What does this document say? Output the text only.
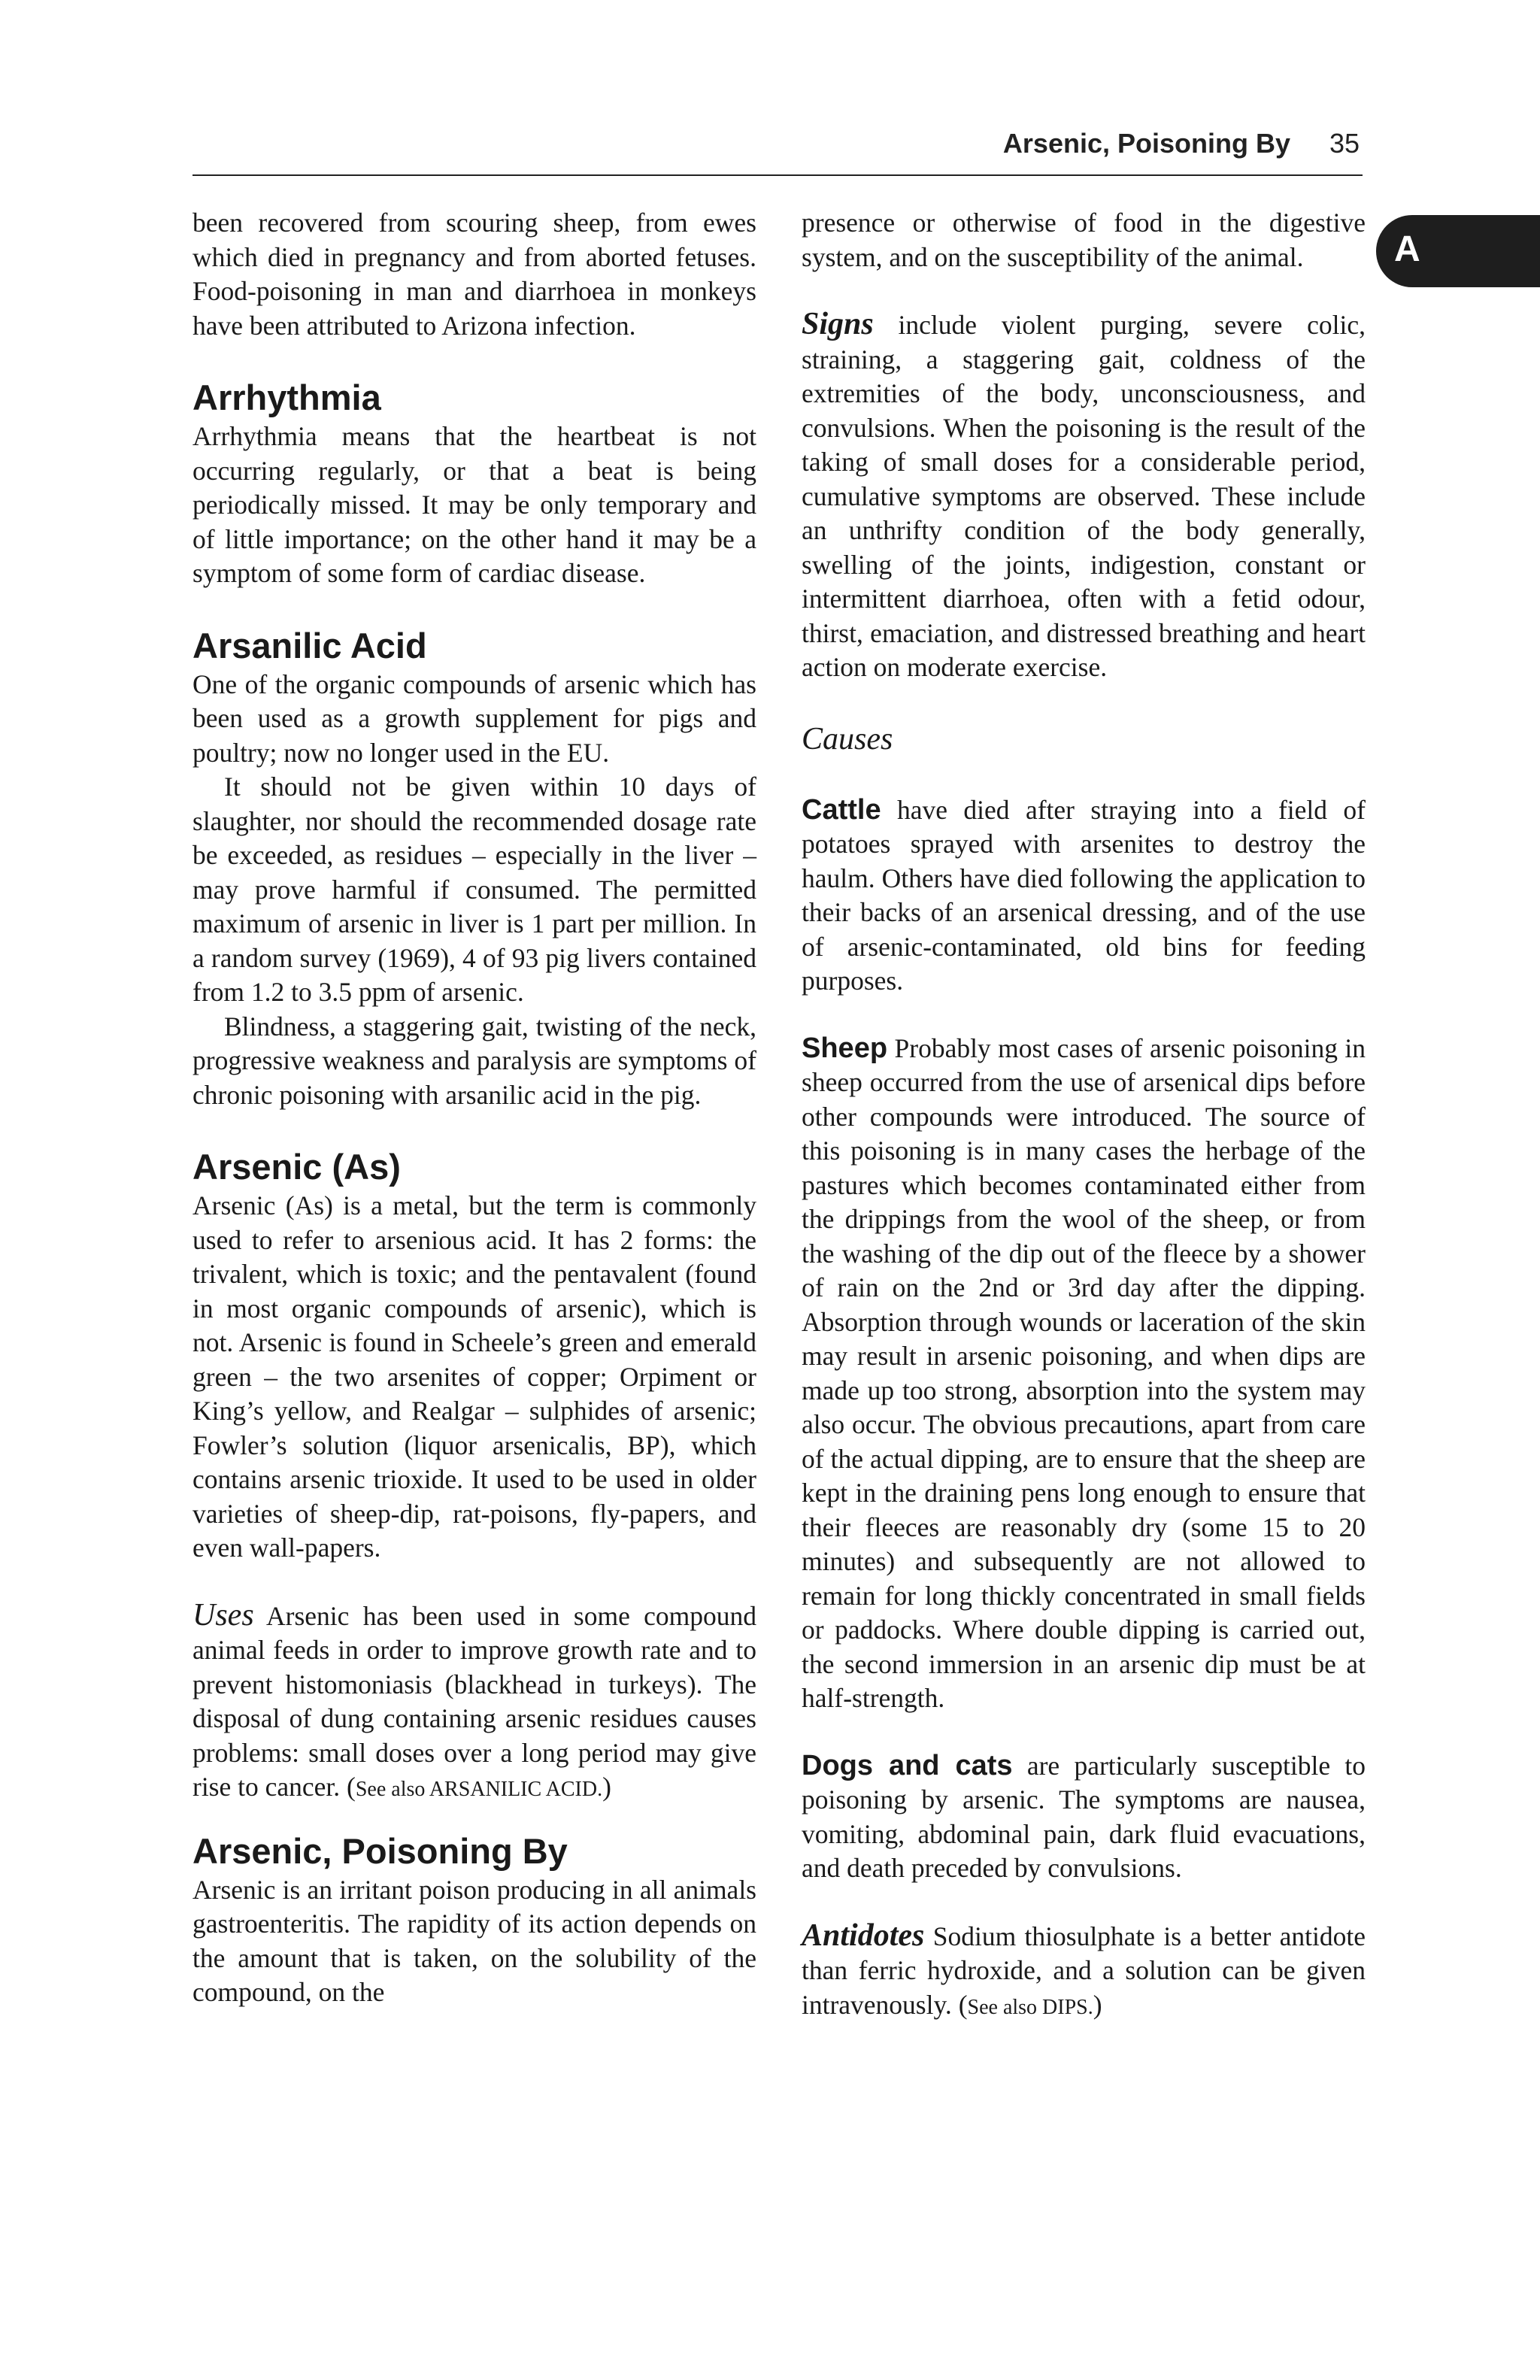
Arsenic, Poisoning By 35
A

been recovered from scouring sheep, from ewes which died in pregnancy and from aborted fetuses. Food-poisoning in man and diarrhoea in monkeys have been attributed to Arizona infection.

Arrhythmia

Arrhythmia means that the heartbeat is not occurring regularly, or that a beat is being periodically missed. It may be only temporary and of little importance; on the other hand it may be a symptom of some form of cardiac disease.

Arsanilic Acid

One of the organic compounds of arsenic which has been used as a growth supplement for pigs and poultry; now no longer used in the EU.

It should not be given within 10 days of slaughter, nor should the recommended dosage rate be exceeded, as residues – especially in the liver – may prove harmful if consumed. The permitted maximum of arsenic in liver is 1 part per million. In a random survey (1969), 4 of 93 pig livers contained from 1.2 to 3.5 ppm of arsenic.

Blindness, a staggering gait, twisting of the neck, progressive weakness and paralysis are symptoms of chronic poisoning with arsanilic acid in the pig.

Arsenic (As)

Arsenic (As) is a metal, but the term is commonly used to refer to arsenious acid. It has 2 forms: the trivalent, which is toxic; and the pentavalent (found in most organic compounds of arsenic), which is not. Arsenic is found in Scheele’s green and emerald green – the two arsenites of copper; Orpiment or King’s yellow, and Realgar – sulphides of arsenic; Fowler’s solution (liquor arsenicalis, BP), which contains arsenic trioxide. It used to be used in older varieties of sheep-dip, rat-poisons, fly-papers, and even wall-papers.

Uses Arsenic has been used in some compound animal feeds in order to improve growth rate and to prevent histomoniasis (blackhead in turkeys). The disposal of dung containing arsenic residues causes problems: small doses over a long period may give rise to cancer. (See also ARSANILIC ACID.)

Arsenic, Poisoning By

Arsenic is an irritant poison producing in all animals gastroenteritis. The rapidity of its action depends on the amount that is taken, on the solubility of the compound, on the

presence or otherwise of food in the digestive system, and on the susceptibility of the animal.

Signs include violent purging, severe colic, straining, a staggering gait, coldness of the extremities of the body, unconsciousness, and convulsions. When the poisoning is the result of the taking of small doses for a considerable period, cumulative symptoms are observed. These include an unthrifty condition of the body generally, swelling of the joints, indigestion, constant or intermittent diarrhoea, often with a fetid odour, thirst, emaciation, and distressed breathing and heart action on moderate exercise.

Causes

Cattle have died after straying into a field of potatoes sprayed with arsenites to destroy the haulm. Others have died following the application to their backs of an arsenical dressing, and of the use of arsenic-contaminated, old bins for feeding purposes.

Sheep Probably most cases of arsenic poisoning in sheep occurred from the use of arsenical dips before other compounds were introduced. The source of this poisoning is in many cases the herbage of the pastures which becomes contaminated either from the drippings from the wool of the sheep, or from the washing of the dip out of the fleece by a shower of rain on the 2nd or 3rd day after the dipping. Absorption through wounds or laceration of the skin may result in arsenic poisoning, and when dips are made up too strong, absorption into the system may also occur. The obvious precautions, apart from care of the actual dipping, are to ensure that the sheep are kept in the draining pens long enough to ensure that their fleeces are reasonably dry (some 15 to 20 minutes) and subsequently are not allowed to remain for long thickly concentrated in small fields or paddocks. Where double dipping is carried out, the second immersion in an arsenic dip must be at half-strength.

Dogs and cats are particularly susceptible to poisoning by arsenic. The symptoms are nausea, vomiting, abdominal pain, dark fluid evacuations, and death preceded by convulsions.

Antidotes Sodium thiosulphate is a better antidote than ferric hydroxide, and a solution can be given intravenously. (See also DIPS.)
